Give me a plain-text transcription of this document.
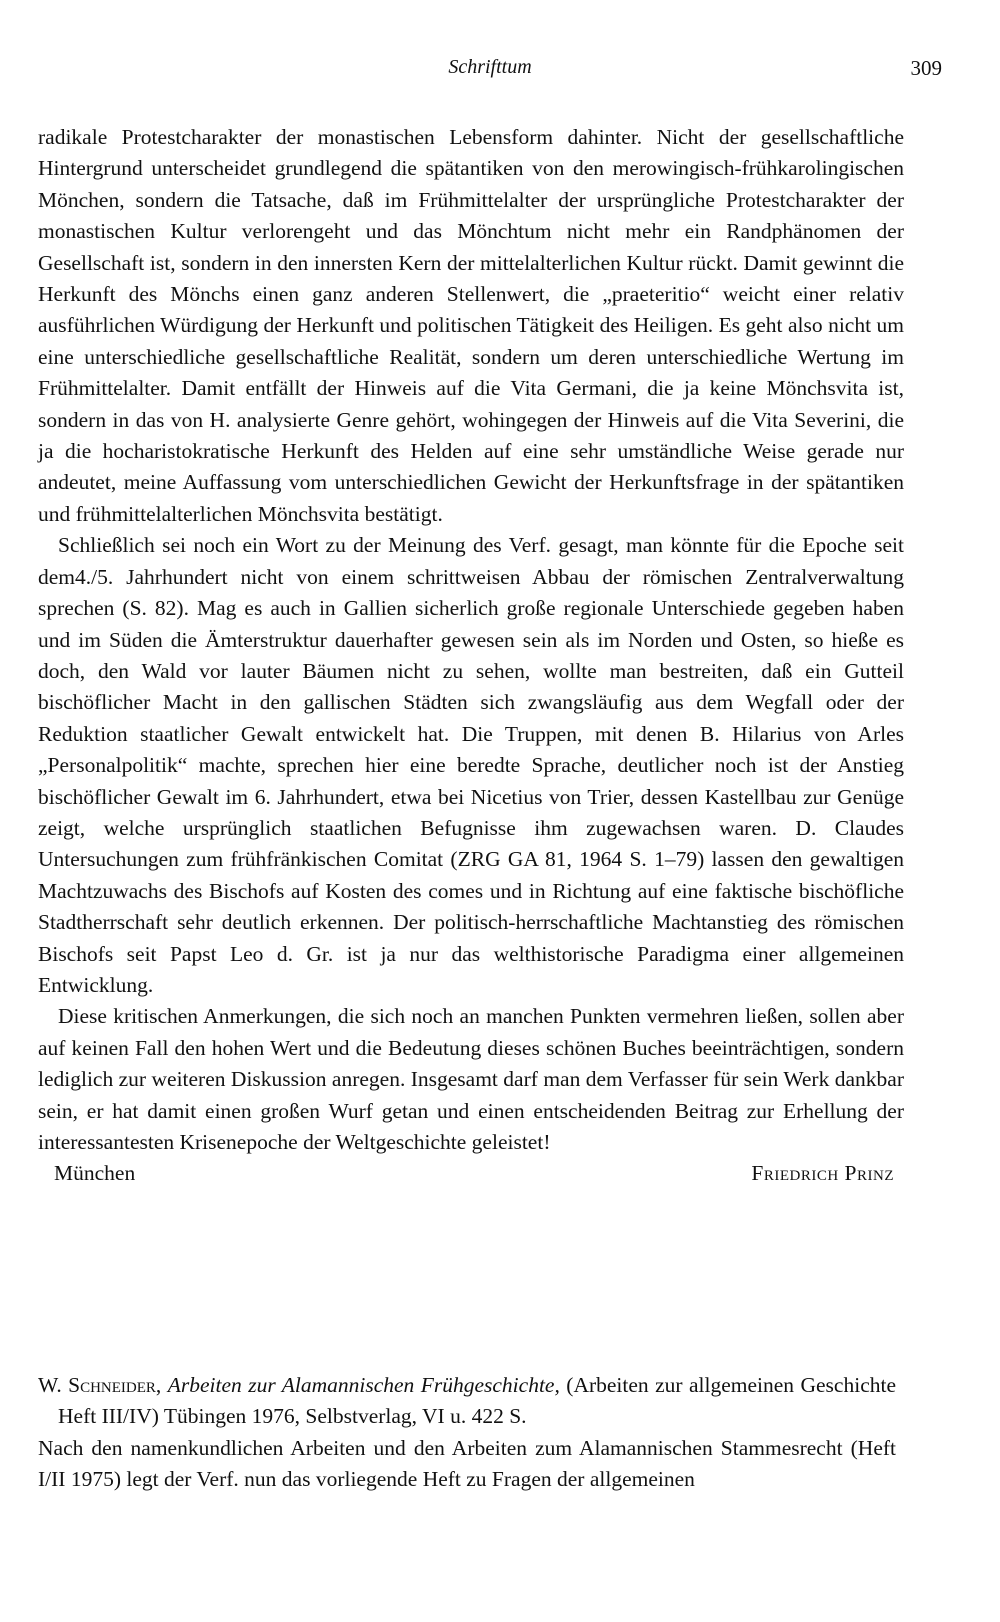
Schrifttum	309

radikale Protestcharakter der monastischen Lebensform dahinter. Nicht der gesellschaftliche Hintergrund unterscheidet grundlegend die spätantiken von den merowingisch-frühkarolingischen Mönchen, sondern die Tatsache, daß im Frühmittelalter der ursprüngliche Protestcharakter der monastischen Kultur verlorengeht und das Mönchtum nicht mehr ein Randphänomen der Gesellschaft ist, sondern in den innersten Kern der mittelalterlichen Kultur rückt. Damit gewinnt die Herkunft des Mönchs einen ganz anderen Stellenwert, die „praeteritio“ weicht einer relativ ausführlichen Würdigung der Herkunft und politischen Tätigkeit des Heiligen. Es geht also nicht um eine unterschiedliche gesellschaftliche Realität, sondern um deren unterschiedliche Wertung im Frühmittelalter. Damit entfällt der Hinweis auf die Vita Germani, die ja keine Mönchsvita ist, sondern in das von H. analysierte Genre gehört, wohingegen der Hinweis auf die Vita Severini, die ja die hocharistokratische Herkunft des Helden auf eine sehr umständliche Weise gerade nur andeutet, meine Auffassung vom unterschiedlichen Gewicht der Herkunftsfrage in der spätantiken und frühmittelalterlichen Mönchsvita bestätigt.

Schließlich sei noch ein Wort zu der Meinung des Verf. gesagt, man könnte für die Epoche seit dem4./5. Jahrhundert nicht von einem schrittweisen Abbau der römischen Zentralverwaltung sprechen (S. 82). Mag es auch in Gallien sicherlich große regionale Unterschiede gegeben haben und im Süden die Ämterstruktur dauerhafter gewesen sein als im Norden und Osten, so hieße es doch, den Wald vor lauter Bäumen nicht zu sehen, wollte man bestreiten, daß ein Gutteil bischöflicher Macht in den gallischen Städten sich zwangsläufig aus dem Wegfall oder der Reduktion staatlicher Gewalt entwickelt hat. Die Truppen, mit denen B. Hilarius von Arles „Personalpolitik“ machte, sprechen hier eine beredte Sprache, deutlicher noch ist der Anstieg bischöflicher Gewalt im 6. Jahrhundert, etwa bei Nicetius von Trier, dessen Kastellbau zur Genüge zeigt, welche ursprünglich staatlichen Befugnisse ihm zugewachsen waren. D. Claudes Untersuchungen zum frühfränkischen Comitat (ZRG GA 81, 1964 S. 1–79) lassen den gewaltigen Machtzuwachs des Bischofs auf Kosten des comes und in Richtung auf eine faktische bischöfliche Stadtherrschaft sehr deutlich erkennen. Der politisch-herrschaftliche Machtanstieg des römischen Bischofs seit Papst Leo d. Gr. ist ja nur das welthistorische Paradigma einer allgemeinen Entwicklung.

Diese kritischen Anmerkungen, die sich noch an manchen Punkten vermehren ließen, sollen aber auf keinen Fall den hohen Wert und die Bedeutung dieses schönen Buches beeinträchtigen, sondern lediglich zur weiteren Diskussion anregen. Insgesamt darf man dem Verfasser für sein Werk dankbar sein, er hat damit einen großen Wurf getan und einen entscheidenden Beitrag zur Erhellung der interessantesten Krisenepoche der Weltgeschichte geleistet!

München	Friedrich Prinz

W. Schneider, Arbeiten zur Alamannischen Frühgeschichte, (Arbeiten zur allgemeinen Geschichte Heft III/IV) Tübingen 1976, Selbstverlag, VI u. 422 S.

Nach den namenkundlichen Arbeiten und den Arbeiten zum Alamannischen Stammesrecht (Heft I/II 1975) legt der Verf. nun das vorliegende Heft zu Fragen der allgemeinen
